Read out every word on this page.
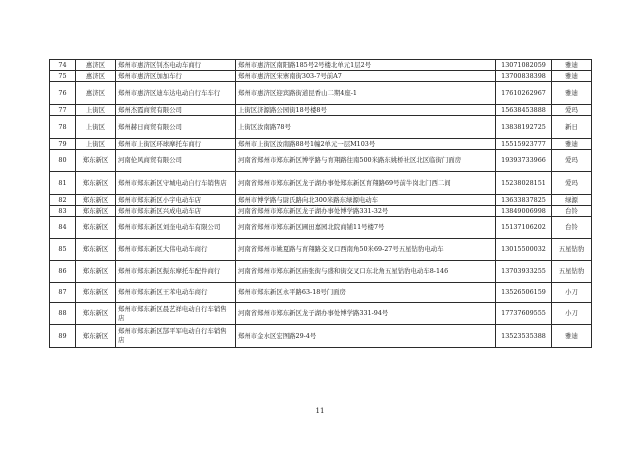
74	惠济区	郑州市惠济区钊杰电动车商行	郑州市惠济区南阳路185号2号楼北单元1层2号	13071082059	雅迪
75	惠济区	郑州市惠济区加加车行	郑州市惠济区宋寨南街303-7号前A7	13700838398	雅迪
76	惠济区	郑州市惠济区迪车达电动自行车车行	郑州市惠济区迎宾路街道昆香山二期4座-1	17610262967	雅迪
77	上街区	郑州杰霞商贸有限公司	上街区济源路公园街18号楼8号	15638453888	爱玛
78	上街区	郑州赫日商贸有限公司	上街区汝南路78号	13838192725	新日
79	上街区	郑州市上街区环球摩托车商行	郑州市上街区汝南路88号1幢2单元一层M103号	15515923777	雅迪
80	郑东新区	河南伦风商贸有限公司	河南省郑州市郑东新区博学路与育翔路往南500米路东姚桥社区北区临街门面房	19393733966	爱玛
81	郑东新区	郑州市郑东新区守城电动自行车销售店	河南省郑州市郑东新区龙子湖办事处郑东新区育翔路69号前牛岗北门西二间	15238028151	爱玛
82	郑东新区	郑州市郑东新区小宇电动车店	郑州市博学路与尉氏路向北300米路东绿源电动车	13633837825	绿源
83	郑东新区	郑州市郑东新区兴成电动车店	河南省郑州市郑东新区龙子湖办事处博学路331-32号	13849006998	台铃
84	郑东新区	郑州市郑东新区刘奎电动车有限公司	河南省郑州市郑东新区圃田嘉园北院商铺11号楼7号	15137106202	台铃
85	郑东新区	郑州市郑东新区大伟电动车商行	河南省郑州市姚夏路与育翔路交叉口西南角50米69-27号五星钻豹电动车	13015500032	五星钻豹
86	郑东新区	郑州市郑东新区振东摩托车配件商行	河南省郑州市郑东新区庙张街与盛和街交叉口东北角五星钻豹电动车8-146	13703933255	五星钻豹
87	郑东新区	郑州市郑东新区王苯电动车商行	郑州市郑东新区永平路63-18号门面房	13526506159	小刀
88	郑东新区	郑州市郑东新区晨艺祥电动自行车销售店	河南省郑州市郑东新区龙子湖办事处博学路331-94号	17737609555	小刀
89	郑东新区	郑州市郑东新区郜平军电动自行车销售店	郑州市金水区宏图路29-4号	13523535388	雅迪
11
